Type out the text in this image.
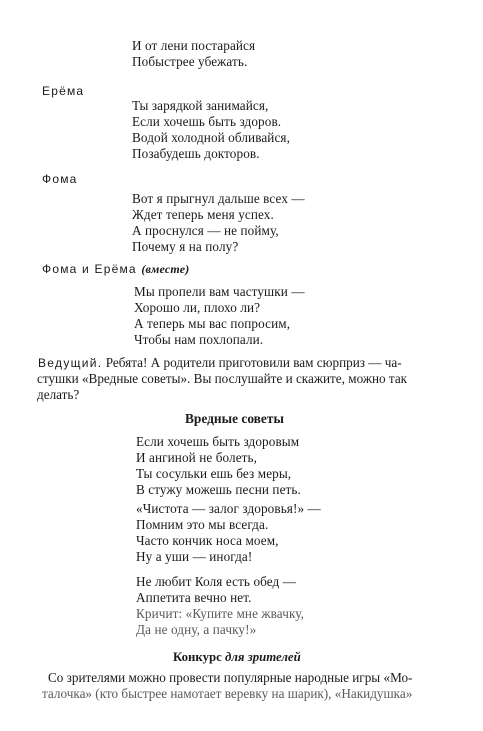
И от лени постарайся
Побыстрее убежать.
Ерёма
Ты зарядкой занимайся,
Если хочешь быть здоров.
Водой холодной обливайся,
Позабудешь докторов.
Фома
Вот я прыгнул дальше всех —
Ждет теперь меня успех.
А проснулся — не пойму,
Почему я на полу?
Фома и Ерёма (вместе)
Мы пропели вам частушки —
Хорошо ли, плохо ли?
А теперь мы вас попросим,
Чтобы нам похлопали.
Ведущий. Ребята! А родители приготовили вам сюрприз — ча-
стушки «Вредные советы». Вы послушайте и скажите, можно так
делать?
Вредные советы
Если хочешь быть здоровым
И ангиной не болеть,
Ты сосульки ешь без меры,
В стужу можешь песни петь.
«Чистота — залог здоровья!» —
Помним это мы всегда.
Часто кончик носа моем,
Ну а уши — иногда!
Не любит Коля есть обед —
Аппетита вечно нет.
Кричит: «Купите мне жвачку,
Да не одну, а пачку!»
Конкурс для зрителей
Со зрителями можно провести популярные народные игры «Мо-
талочка» (кто быстрее намотает веревку на шарик), «Накидушка»
